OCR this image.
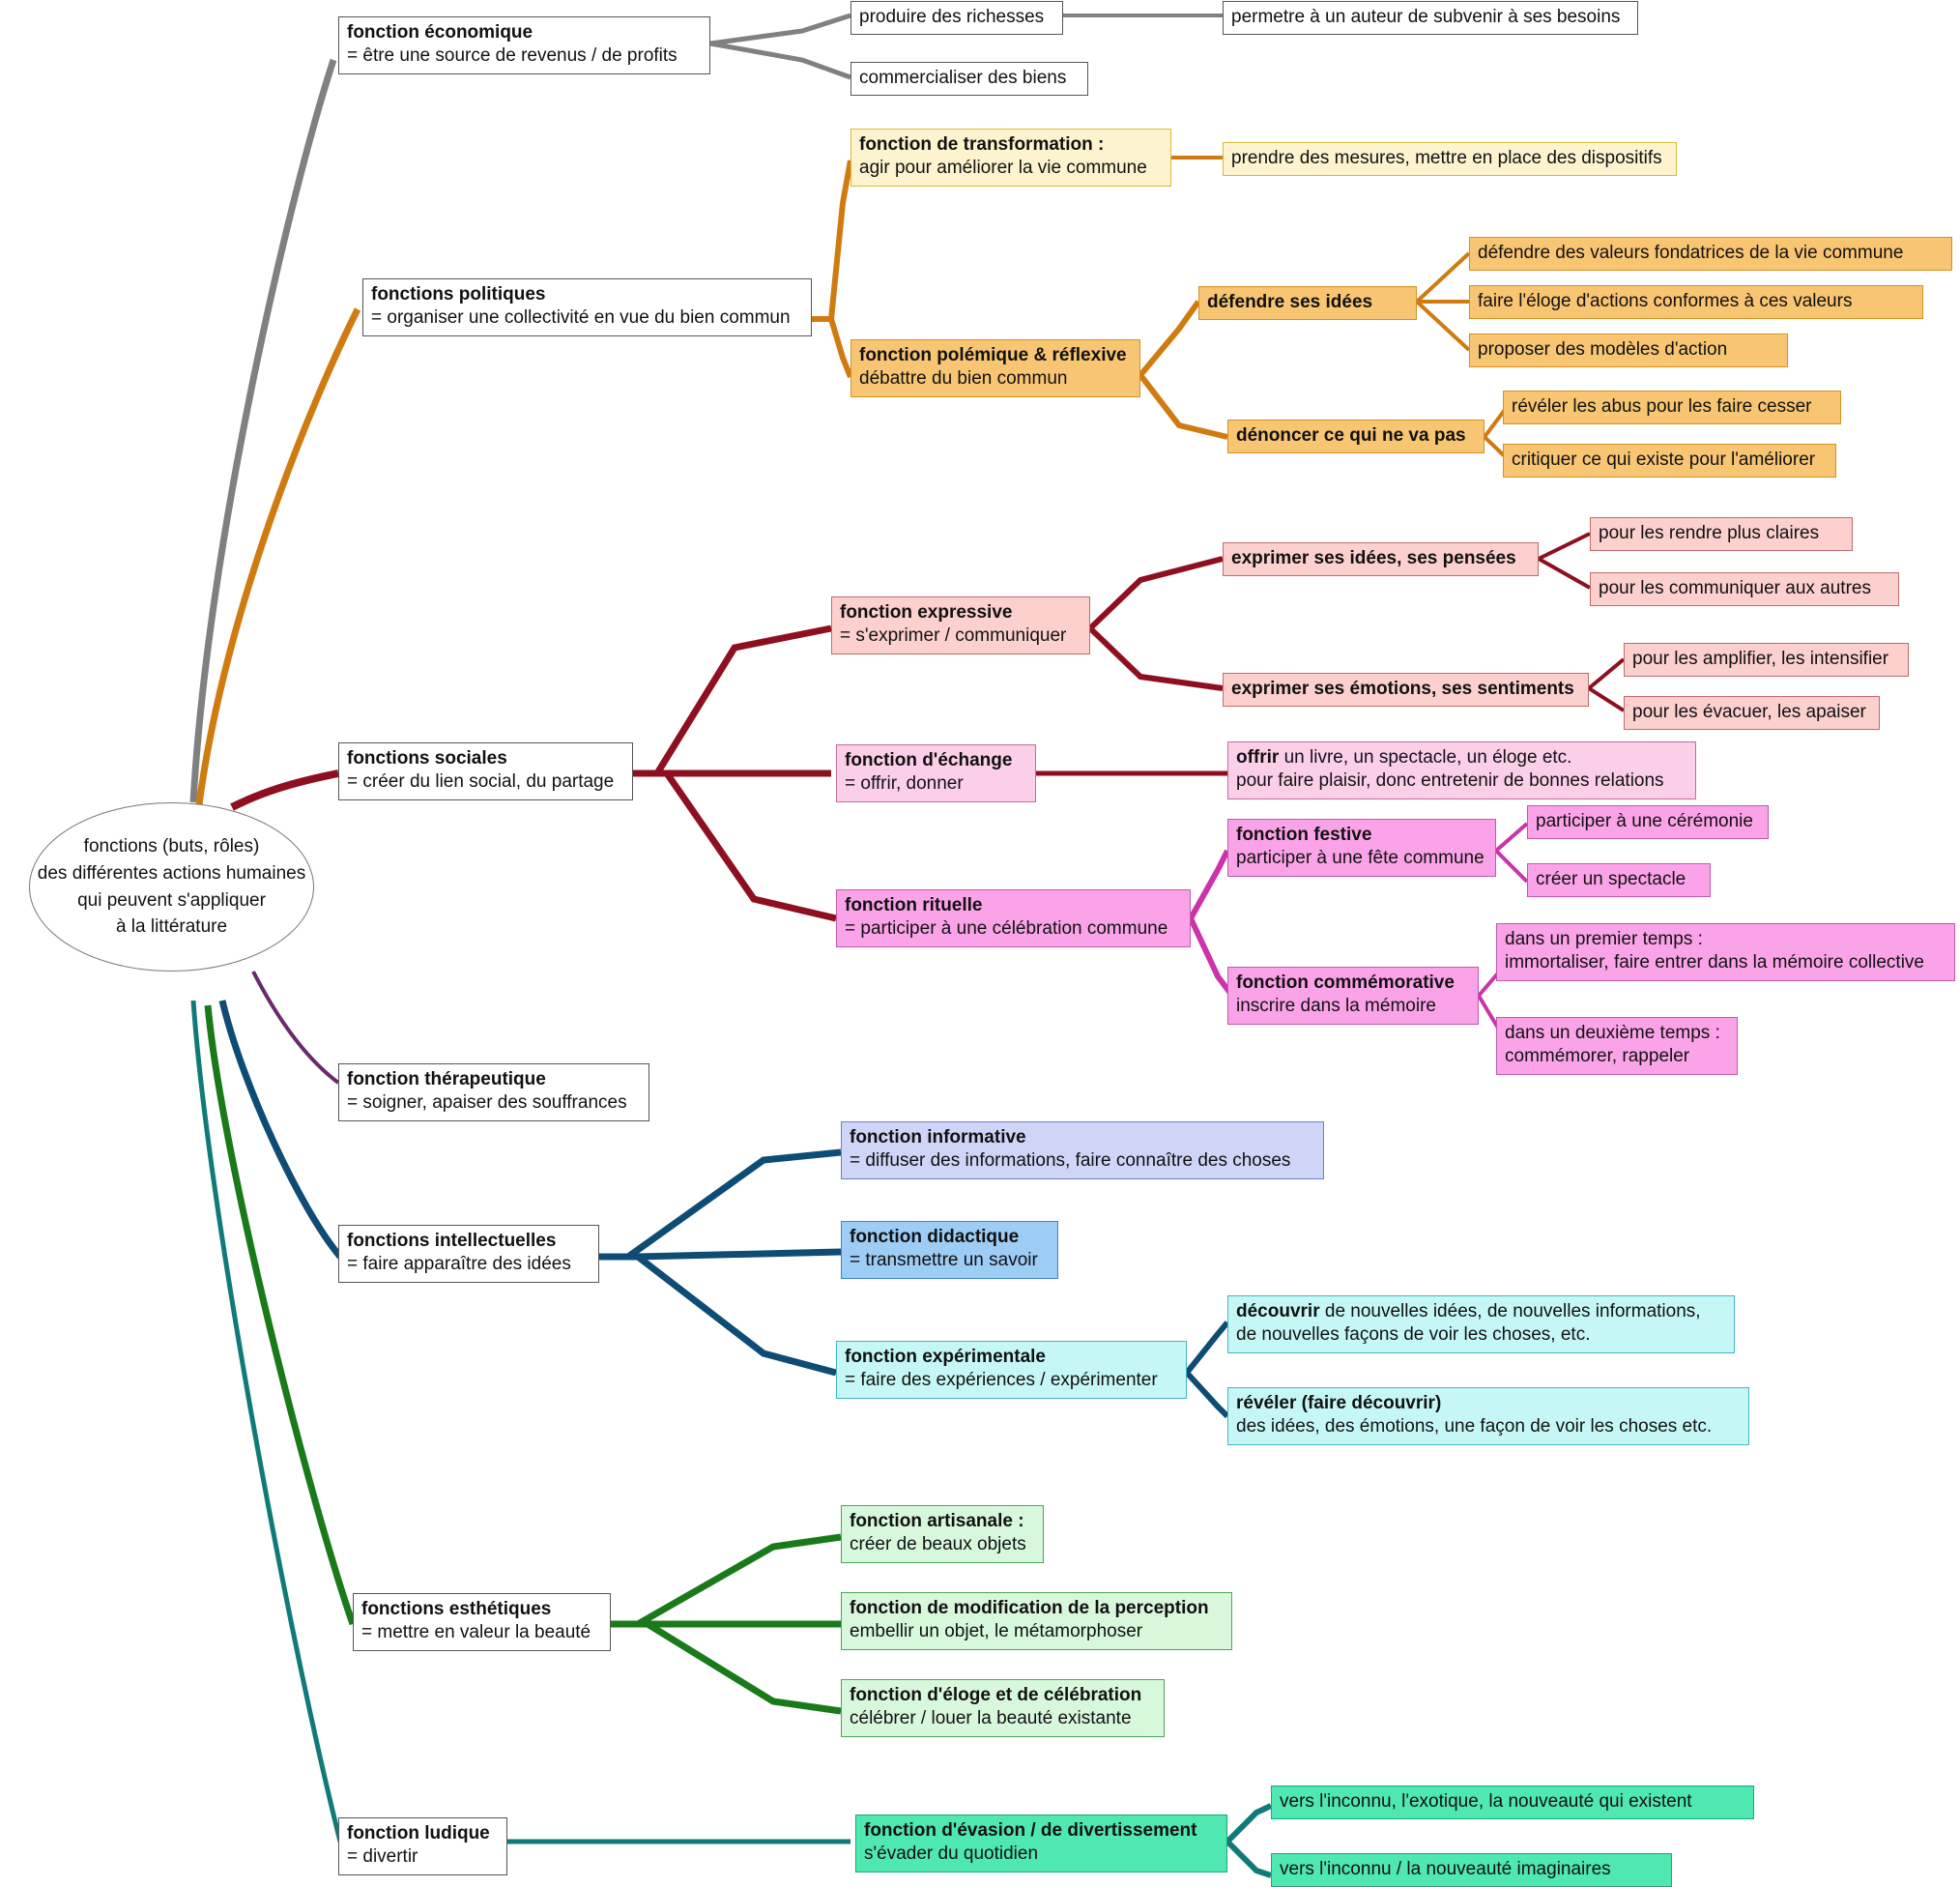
fonctions (buts, rôles)
des différentes actions humaines
qui peuvent s'appliquer
à la littérature
fonction économique
= être une source de revenus / de profits
produire des richesses	permetre à un auteur de subvenir à ses besoins
commercialiser des biens
fonctions politiques
= organiser une collectivité en vue du bien commun
fonction de transformation :
agir pour améliorer la vie commune	prendre des mesures, mettre en place des dispositifs
fonction polémique & réflexive
débattre du bien commun
défendre ses idées
défendre des valeurs fondatrices de la vie commune
faire l'éloge d'actions conformes à ces valeurs
proposer des modèles d'action
dénoncer ce qui ne va pas
révéler les abus pour les faire cesser
critiquer ce qui existe pour l'améliorer
fonctions sociales
= créer du lien social, du partage
fonction expressive
= s'exprimer / communiquer
exprimer ses idées, ses pensées
pour les rendre plus claires
pour les communiquer aux autres
exprimer ses émotions, ses sentiments
pour les amplifier, les intensifier
pour les évacuer, les apaiser
fonction d'échange
= offrir, donner
offrir un livre, un spectacle, un éloge etc.
pour faire plaisir, donc entretenir de bonnes relations
fonction rituelle
= participer à une célébration commune
fonction festive
participer à une fête commune
participer à une cérémonie
créer un spectacle
fonction commémorative
inscrire dans la mémoire
dans un premier temps :
immortaliser, faire entrer dans la mémoire collective
dans un deuxième temps :
commémorer, rappeler
fonction thérapeutique
= soigner, apaiser des souffrances
fonctions intellectuelles
= faire apparaître des idées
fonction informative
= diffuser des informations, faire connaître des choses
fonction didactique
= transmettre un savoir
fonction expérimentale
= faire des expériences / expérimenter
découvrir de nouvelles idées, de nouvelles informations,
de nouvelles façons de voir les choses, etc.
révéler (faire découvrir)
des idées, des émotions, une façon de voir les choses etc.
fonctions esthétiques
= mettre en valeur la beauté
fonction artisanale :
créer de beaux objets
fonction de modification de la perception
embellir un objet, le métamorphoser
fonction d'éloge et de célébration
célébrer / louer la beauté existante
fonction ludique
= divertir
fonction d'évasion / de divertissement
s'évader du quotidien
vers l'inconnu, l'exotique, la nouveauté qui existent
vers l'inconnu / la nouveauté imaginaires
